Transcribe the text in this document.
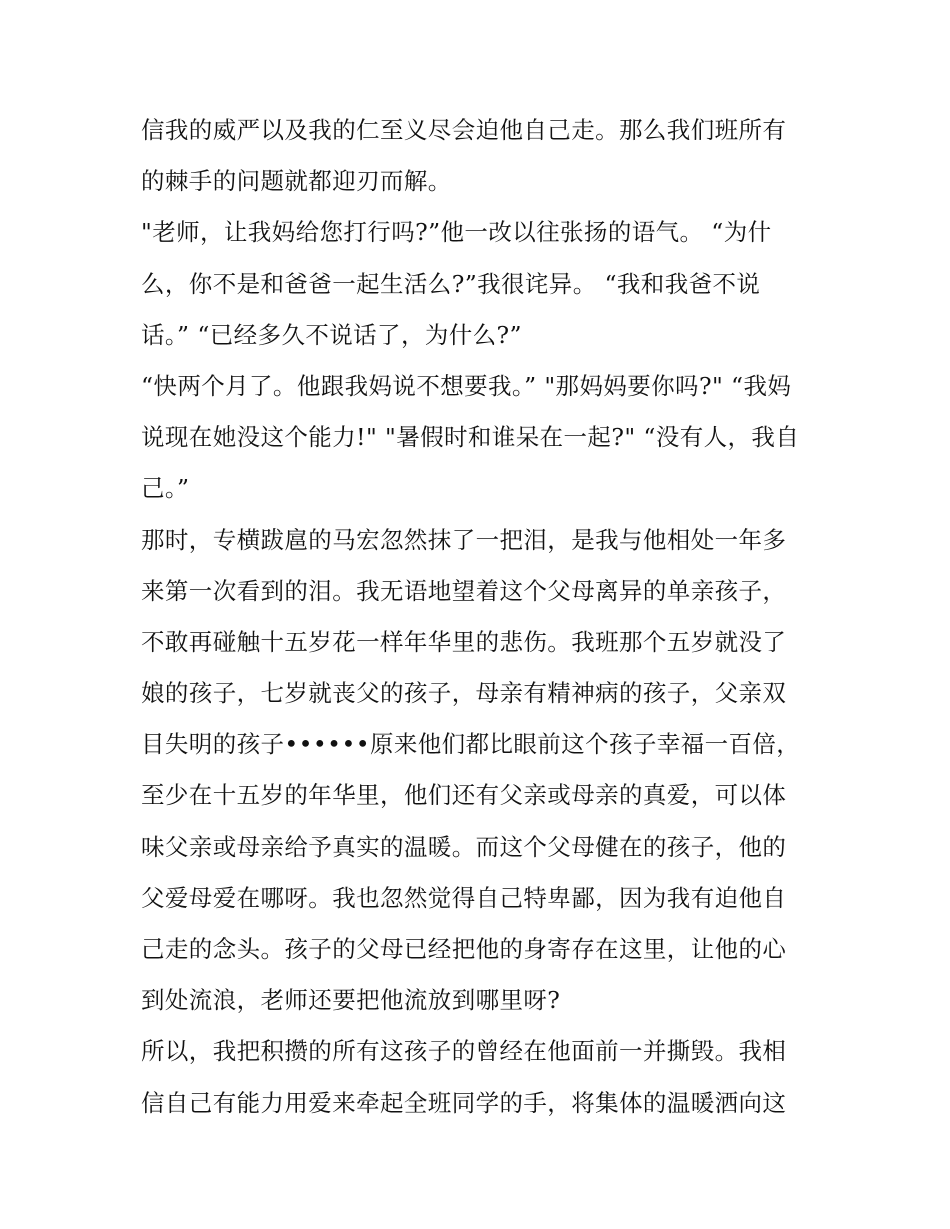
信我的威严以及我的仁至义尽会迫他自己走。那么我们班所有
的棘手的问题就都迎刃而解。
"老师，让我妈给您打行吗?”他一改以往张扬的语气。 “为什
么，你不是和爸爸一起生活么?”我很诧异。 “我和我爸不说
话。” “已经多久不说话了，为什么?”
“快两个月了。他跟我妈说不想要我。” "那妈妈要你吗?" “我妈
说现在她没这个能力!" "暑假时和谁呆在一起?" “没有人，我自
己。”
那时，专横跋扈的马宏忽然抹了一把泪，是我与他相处一年多
来第一次看到的泪。我无语地望着这个父母离异的单亲孩子，
不敢再碰触十五岁花一样年华里的悲伤。我班那个五岁就没了
娘的孩子，七岁就丧父的孩子，母亲有精神病的孩子，父亲双
目失明的孩子••••••原来他们都比眼前这个孩子幸福一百倍，
至少在十五岁的年华里，他们还有父亲或母亲的真爱，可以体
味父亲或母亲给予真实的温暖。而这个父母健在的孩子，他的
父爱母爱在哪呀。我也忽然觉得自己特卑鄙，因为我有迫他自
己走的念头。孩子的父母已经把他的身寄存在这里，让他的心
到处流浪，老师还要把他流放到哪里呀?
所以，我把积攒的所有这孩子的曾经在他面前一并撕毁。我相
信自己有能力用爱来牵起全班同学的手，将集体的温暖洒向这
